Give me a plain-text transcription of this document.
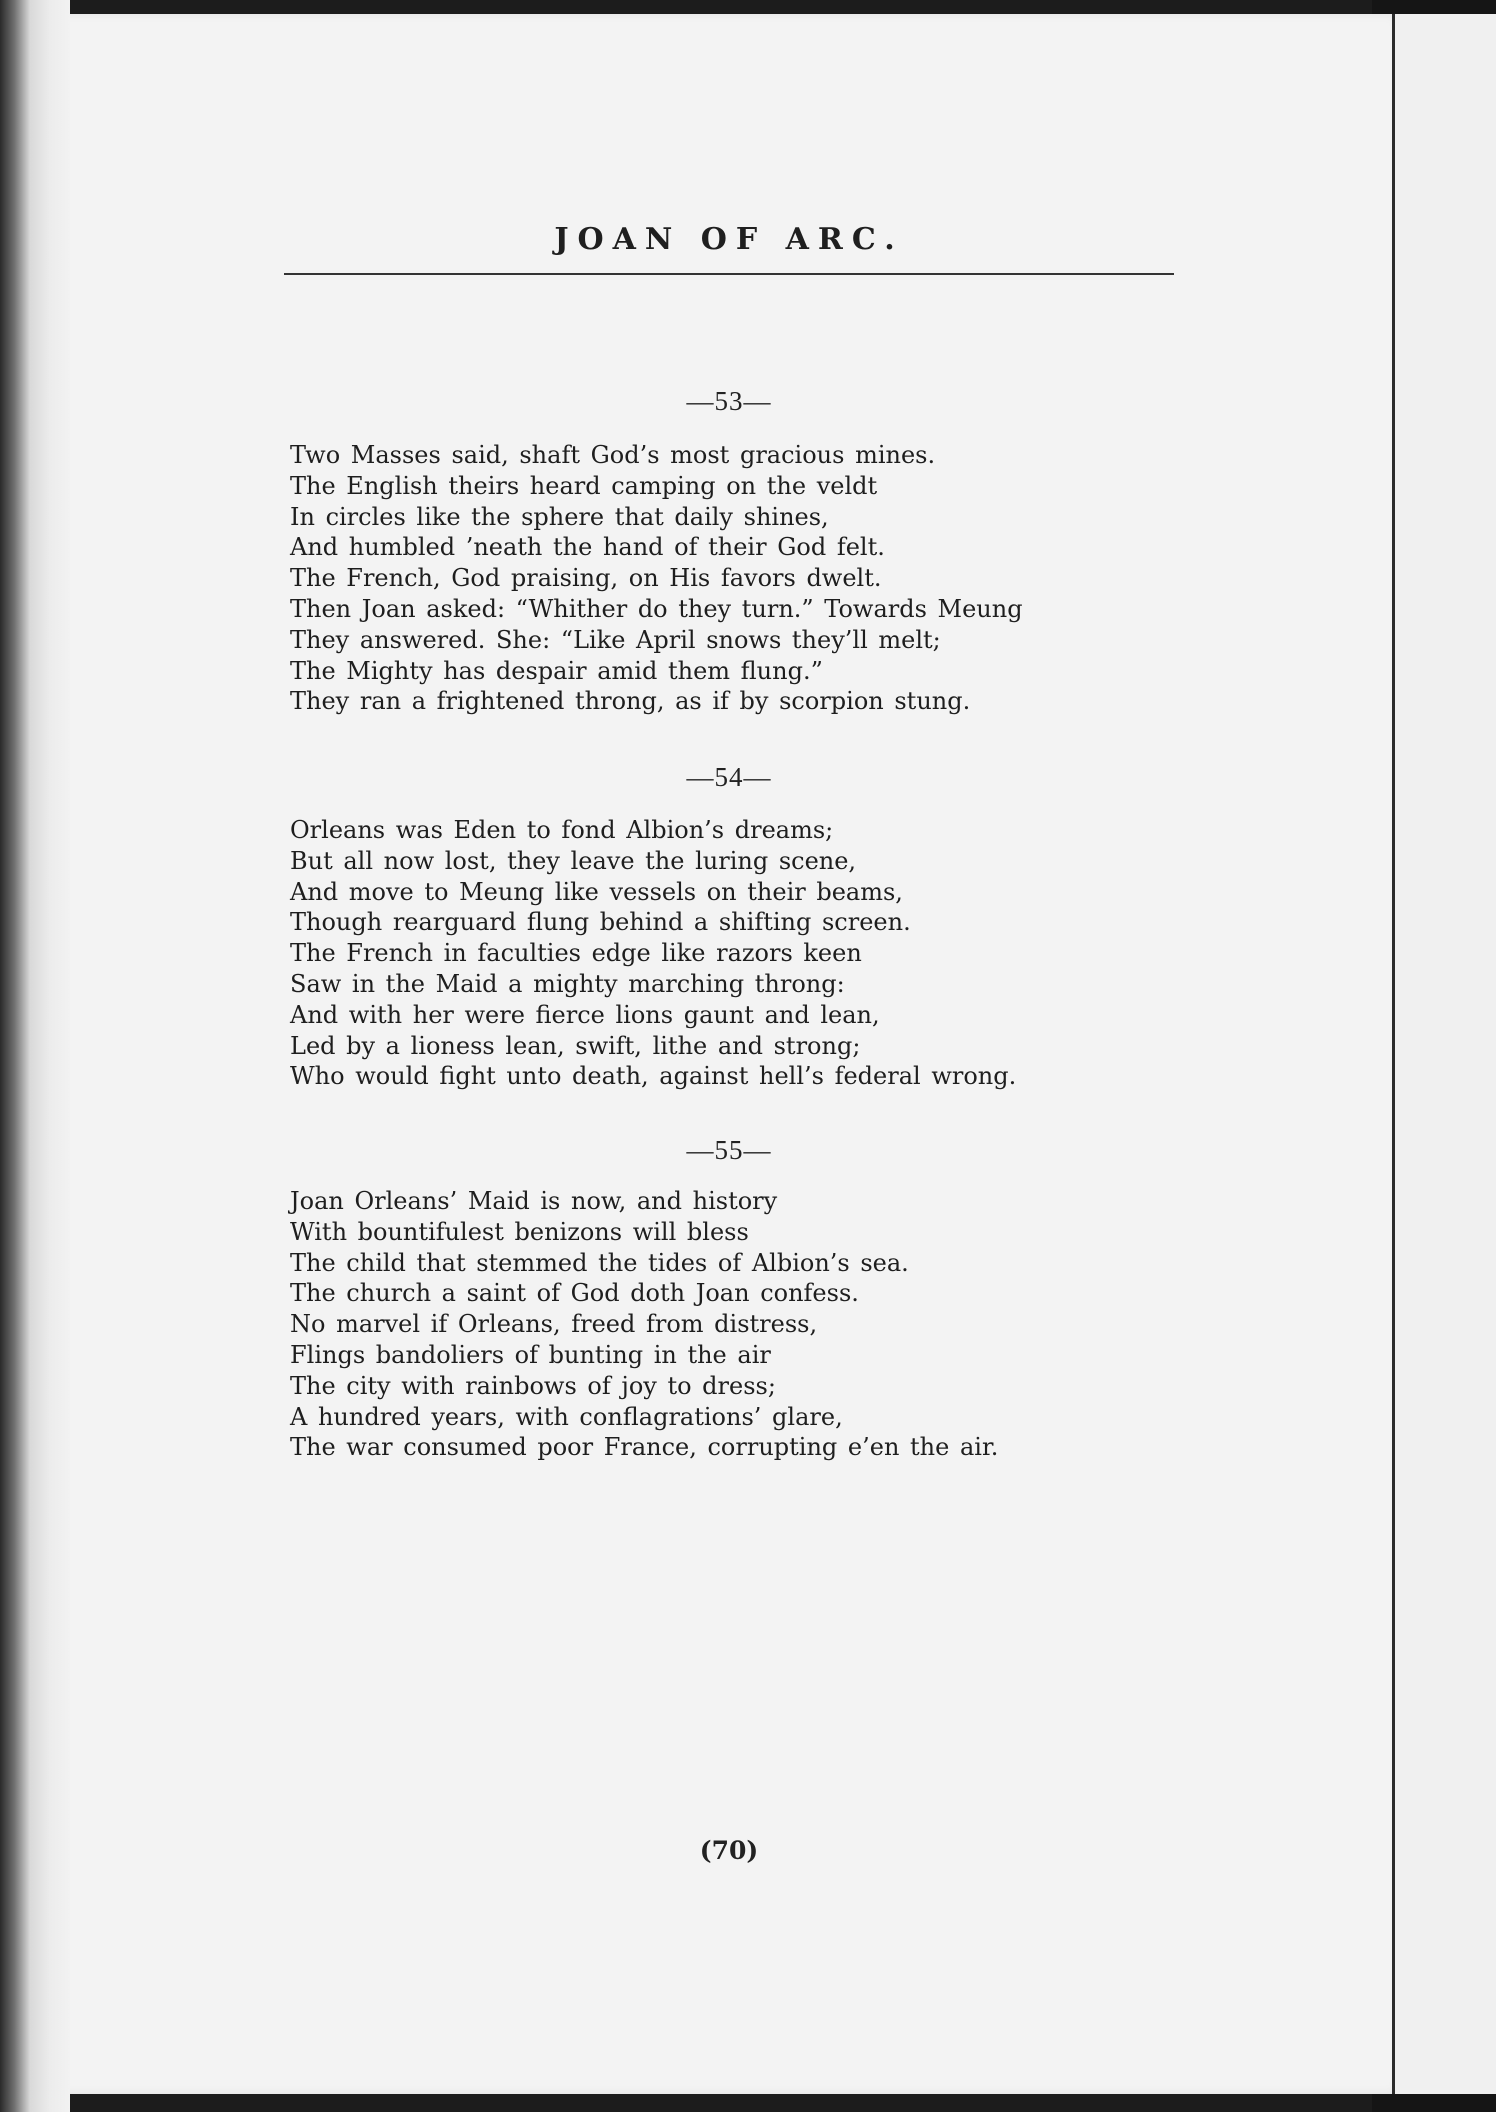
JOAN OF ARC.
—53—
Two Masses said, shaft God’s most gracious mines.
The English theirs heard camping on the veldt
In circles like the sphere that daily shines,
And humbled ’neath the hand of their God felt.
The French, God praising, on His favors dwelt.
Then Joan asked: “Whither do they turn.” Towards Meung
They answered. She: “Like April snows they’ll melt;
The Mighty has despair amid them flung.”
They ran a frightened throng, as if by scorpion stung.
—54—
Orleans was Eden to fond Albion’s dreams;
But all now lost, they leave the luring scene,
And move to Meung like vessels on their beams,
Though rearguard flung behind a shifting screen.
The French in faculties edge like razors keen
Saw in the Maid a mighty marching throng:
And with her were fierce lions gaunt and lean,
Led by a lioness lean, swift, lithe and strong;
Who would fight unto death, against hell’s federal wrong.
—55—
Joan Orleans’ Maid is now, and history
With bountifulest benizons will bless
The child that stemmed the tides of Albion’s sea.
The church a saint of God doth Joan confess.
No marvel if Orleans, freed from distress,
Flings bandoliers of bunting in the air
The city with rainbows of joy to dress;
A hundred years, with conflagrations’ glare,
The war consumed poor France, corrupting e’en the air.
(70)
